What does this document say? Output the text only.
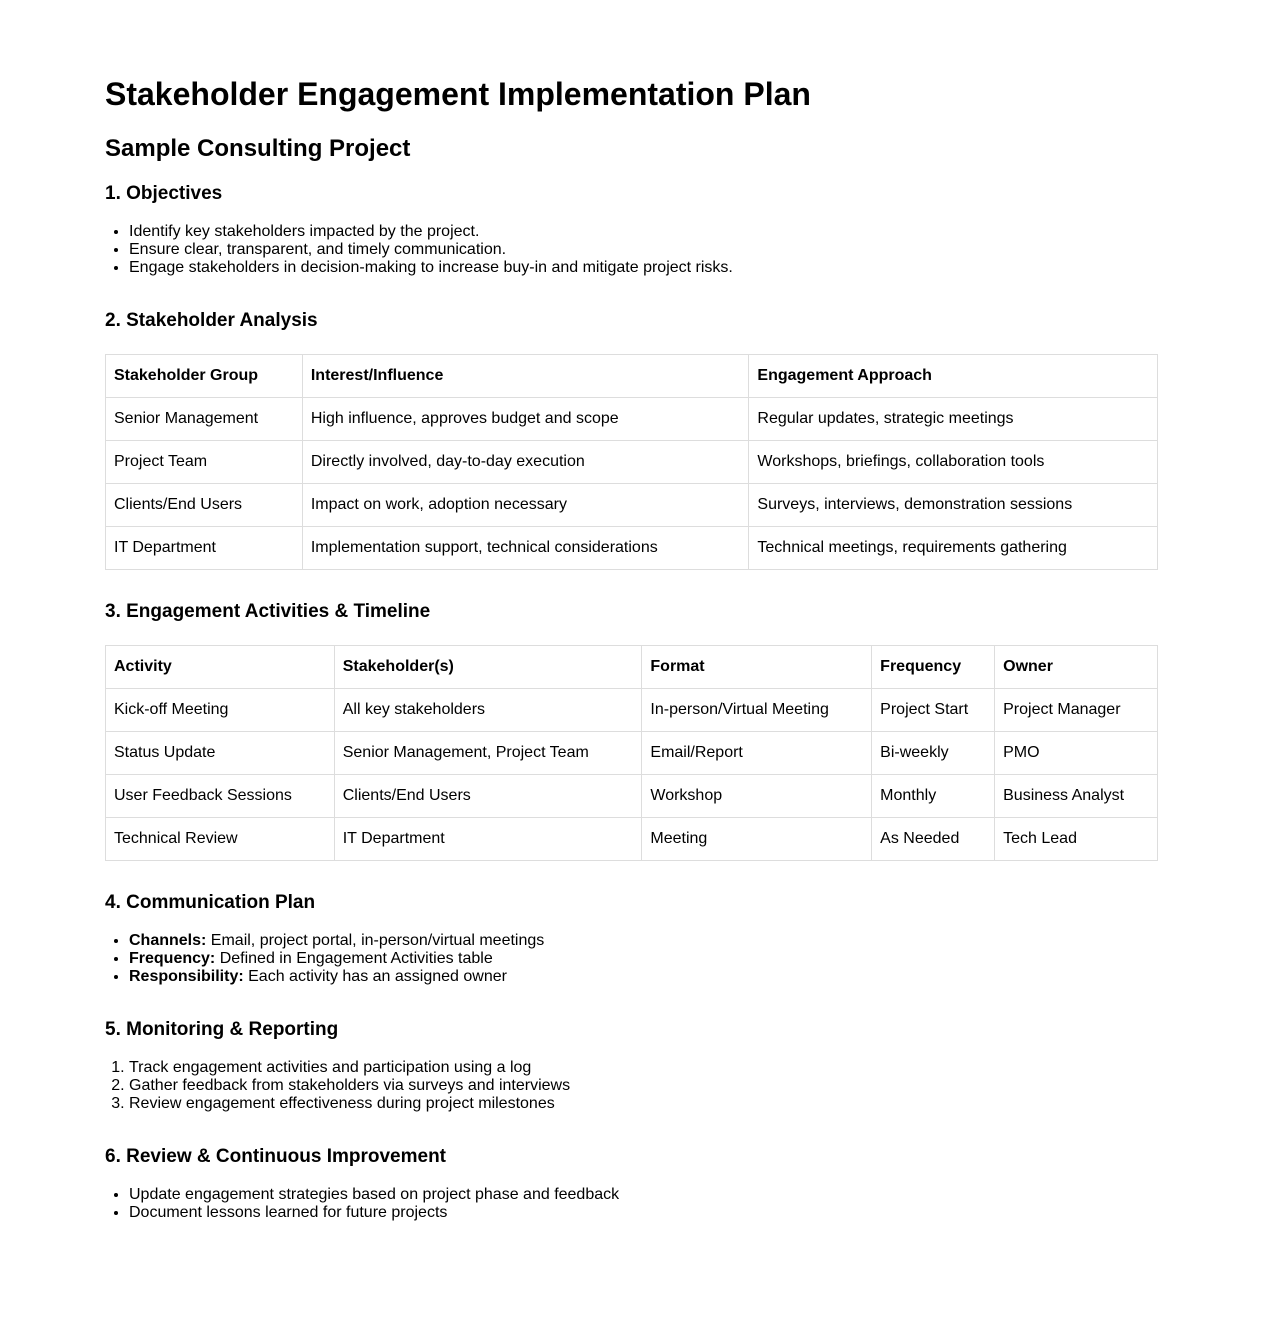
Stakeholder Engagement Implementation Plan
Sample Consulting Project
1. Objectives
• Identify key stakeholders impacted by the project.
• Ensure clear, transparent, and timely communication.
• Engage stakeholders in decision-making to increase buy-in and mitigate project risks.
2. Stakeholder Analysis
Stakeholder Group	Interest/Influence	Engagement Approach
Senior Management	High influence, approves budget and scope	Regular updates, strategic meetings
Project Team	Directly involved, day-to-day execution	Workshops, briefings, collaboration tools
Clients/End Users	Impact on work, adoption necessary	Surveys, interviews, demonstration sessions
IT Department	Implementation support, technical considerations	Technical meetings, requirements gathering
3. Engagement Activities & Timeline
Activity	Stakeholder(s)	Format	Frequency	Owner
Kick-off Meeting	All key stakeholders	In-person/Virtual Meeting	Project Start	Project Manager
Status Update	Senior Management, Project Team	Email/Report	Bi-weekly	PMO
User Feedback Sessions	Clients/End Users	Workshop	Monthly	Business Analyst
Technical Review	IT Department	Meeting	As Needed	Tech Lead
4. Communication Plan
• Channels: Email, project portal, in-person/virtual meetings
• Frequency: Defined in Engagement Activities table
• Responsibility: Each activity has an assigned owner
5. Monitoring & Reporting
1. Track engagement activities and participation using a log
2. Gather feedback from stakeholders via surveys and interviews
3. Review engagement effectiveness during project milestones
6. Review & Continuous Improvement
• Update engagement strategies based on project phase and feedback
• Document lessons learned for future projects
